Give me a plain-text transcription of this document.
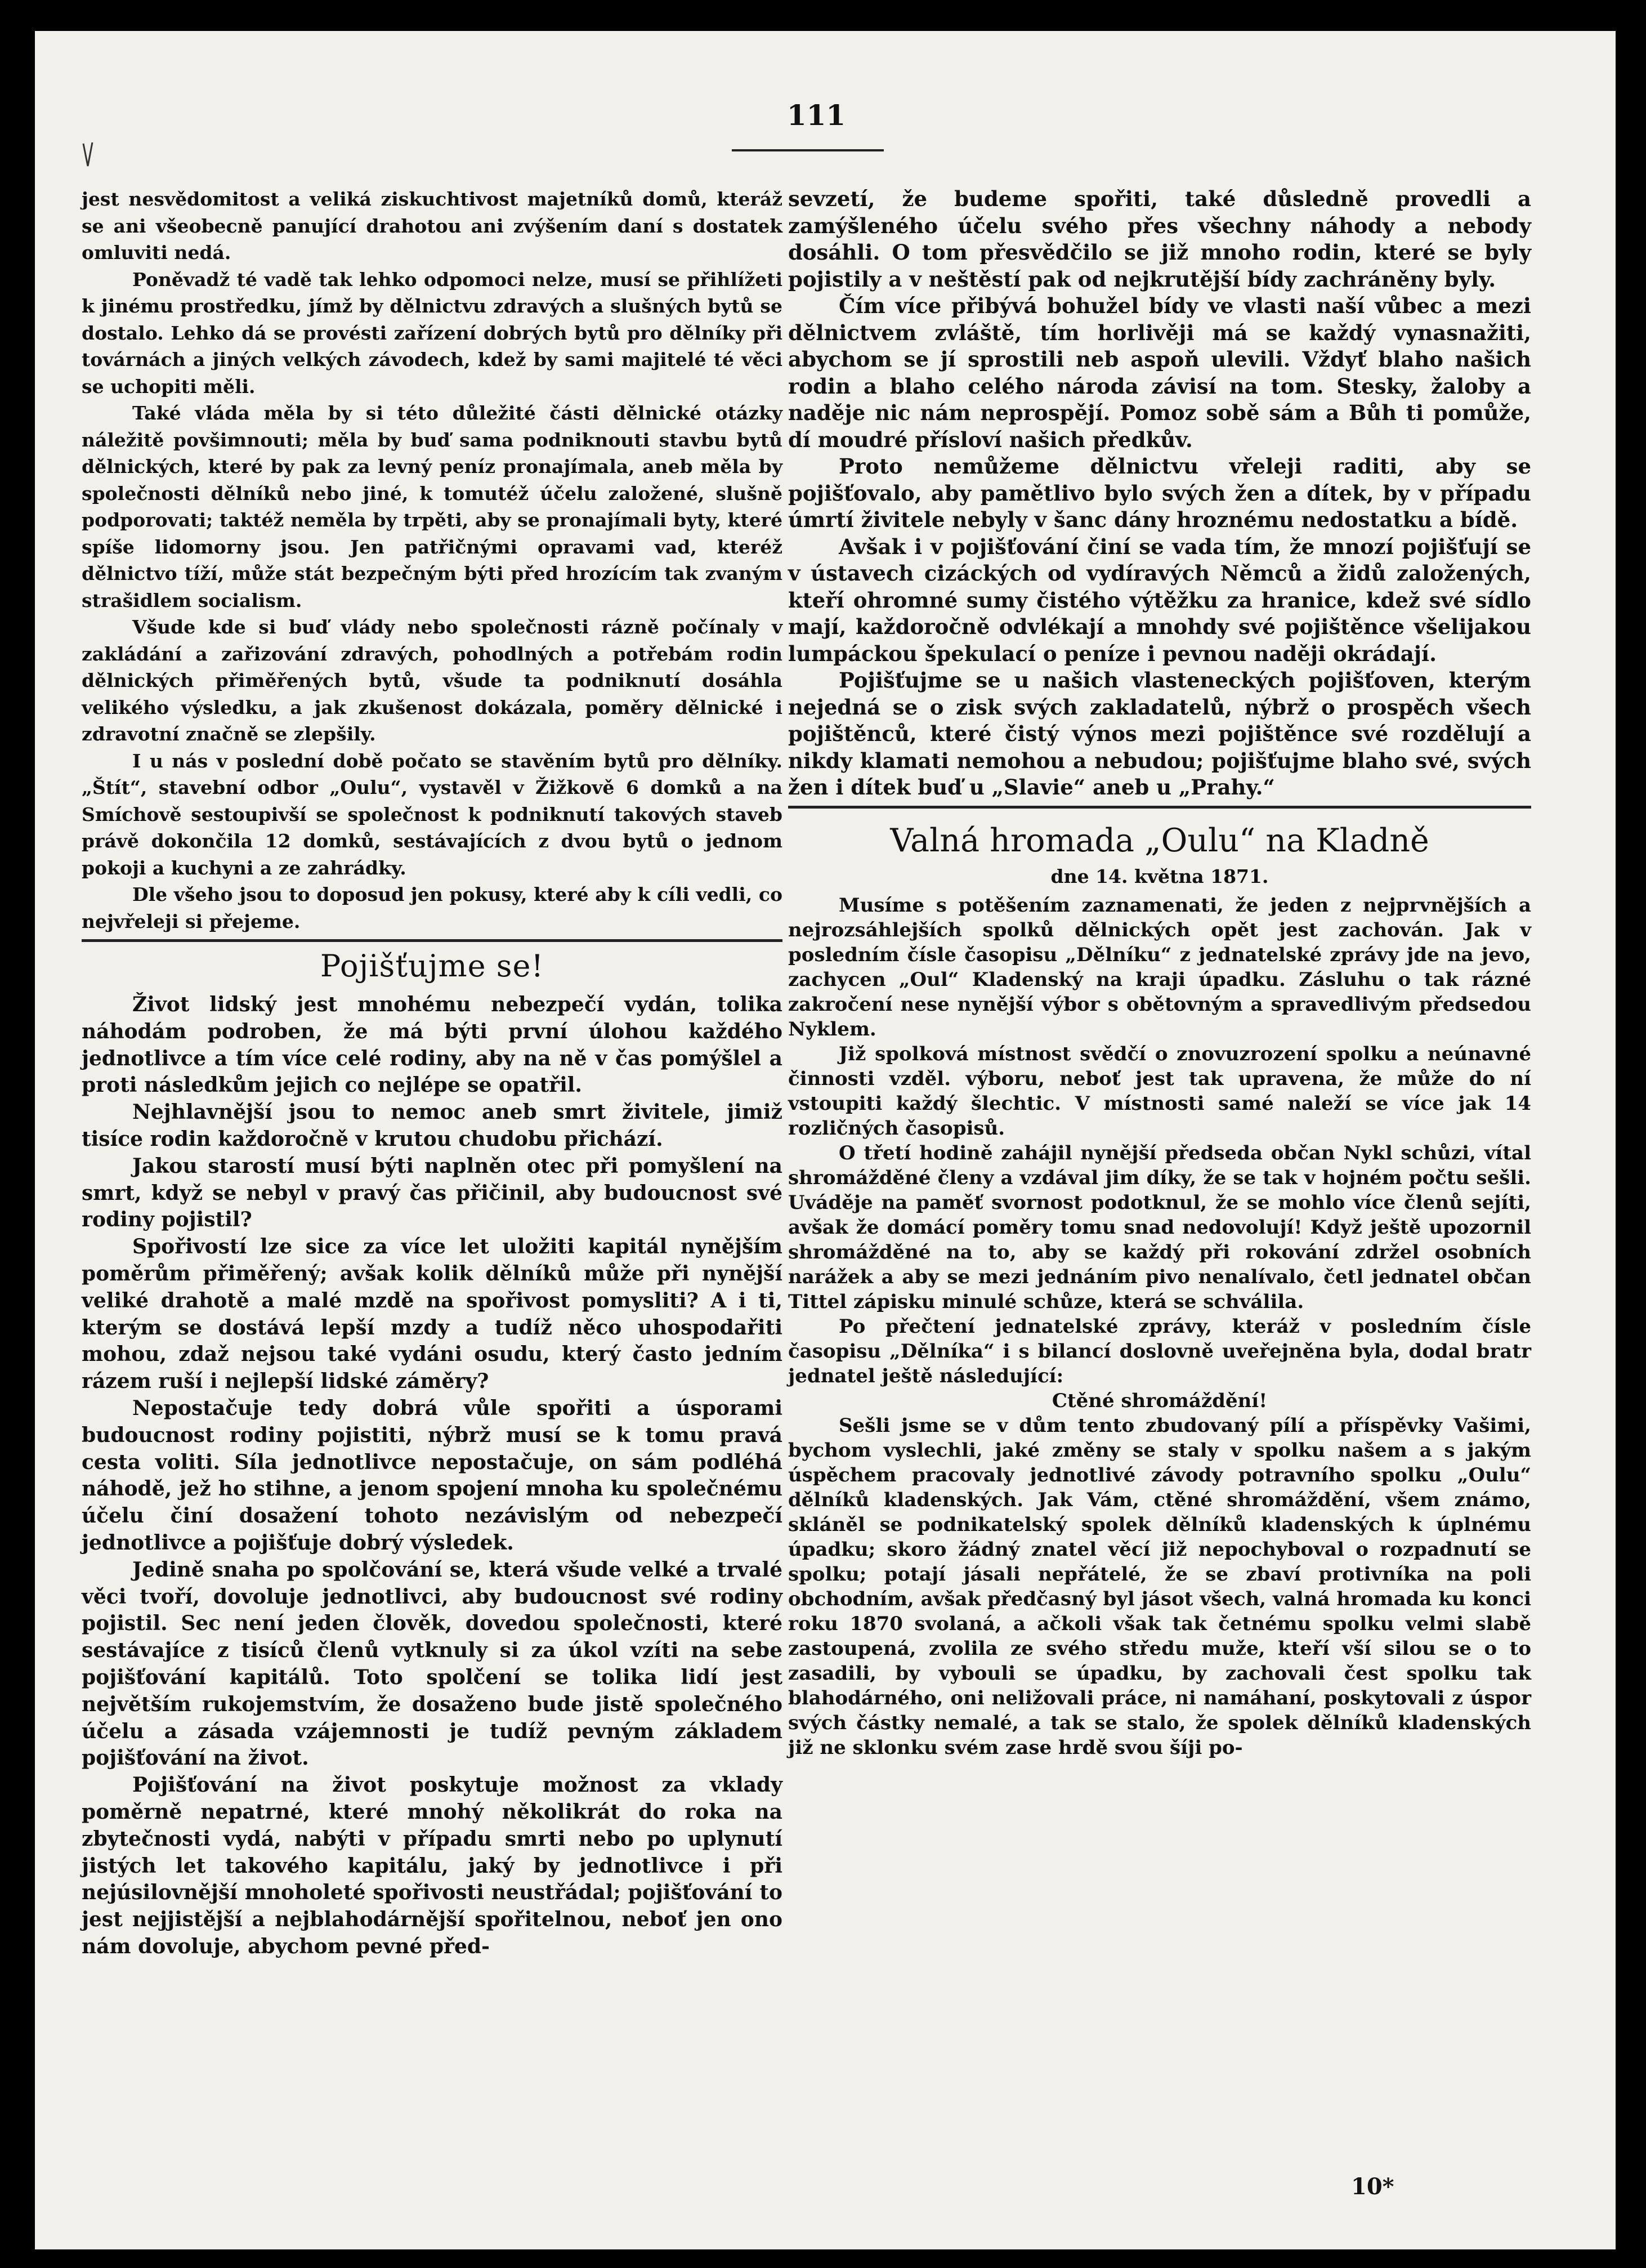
111

jest nesvědomitost a veliká ziskuchtivost majetníků domů, kteráž se ani všeobecně panující drahotou ani zvýšením daní s dostatek omluviti nedá.

Poněvadž té vadě tak lehko odpomoci nelze, musí se přihlížeti k jinému prostředku, jímž by dělnictvu zdravých a slušných bytů se dostalo. Lehko dá se provésti zařízení dobrých bytů pro dělníky při továrnách a jiných velkých závodech, kdež by sami majitelé té věci se uchopiti měli.

Také vláda měla by si této důležité části dělnické otázky náležitě povšimnouti; měla by buď sama podniknouti stavbu bytů dělnických, které by pak za levný peníz pronajímala, aneb měla by společnosti dělníků nebo jiné, k tomutéž účelu založené, slušně podporovati; taktéž neměla by trpěti, aby se pronajímali byty, které spíše lidomorny jsou. Jen patřičnými opravami vad, kteréž dělnictvo tíží, může stát bezpečným býti před hrozícím tak zvaným strašidlem socialism.

Všude kde si buď vlády nebo společnosti rázně počínaly v zakládání a zařizování zdravých, pohodlných a potřebám rodin dělnických přiměřených bytů, všude ta podniknutí dosáhla velikého výsledku, a jak zkušenost dokázala, poměry dělnické i zdravotní značně se zlepšily.

I u nás v poslední době počato se stavěním bytů pro dělníky. „Štít“, stavební odbor „Oulu“, vystavěl v Žižkově 6 domků a na Smíchově sestoupivší se společnost k podniknutí takových staveb právě dokončila 12 domků, sestávajících z dvou bytů o jednom pokoji a kuchyni a ze zahrádky.

Dle všeho jsou to doposud jen pokusy, které aby k cíli vedli, co nejvřeleji si přejeme.

Pojišťujme se!

Život lidský jest mnohému nebezpečí vydán, tolika náhodám podroben, že má býti první úlohou každého jednotlivce a tím více celé rodiny, aby na ně v čas pomýšlel a proti následkům jejich co nejlépe se opatřil.

Nejhlavnější jsou to nemoc aneb smrt živitele, jimiž tisíce rodin každoročně v krutou chudobu přichází.

Jakou starostí musí býti naplněn otec při pomyšlení na smrt, když se nebyl v pravý čas přičinil, aby budoucnost své rodiny pojistil?

Spořivostí lze sice za více let uložiti kapitál nynějším poměrům přiměřený; avšak kolik dělníků může při nynější veliké drahotě a malé mzdě na spořivost pomysliti? A i ti, kterým se dostává lepší mzdy a tudíž něco uhospodařiti mohou, zdaž nejsou také vydáni osudu, který často jedním rázem ruší i nejlepší lidské záměry?

Nepostačuje tedy dobrá vůle spořiti a úsporami budoucnost rodiny pojistiti, nýbrž musí se k tomu pravá cesta voliti. Síla jednotlivce nepostačuje, on sám podléhá náhodě, jež ho stihne, a jenom spojení mnoha ku společnému účelu činí dosažení tohoto nezávislým od nebezpečí jednotlivce a pojišťuje dobrý výsledek.

Jedině snaha po spolčování se, která všude velké a trvalé věci tvoří, dovoluje jednotlivci, aby budoucnost své rodiny pojistil. Sec není jeden člověk, dovedou společnosti, které sestávajíce z tisíců členů vytknuly si za úkol vzíti na sebe pojišťování kapitálů. Toto spolčení se tolika lidí jest největším rukojemstvím, že dosaženo bude jistě společného účelu a zásada vzájemnosti je tudíž pevným základem pojišťování na život.

Pojišťování na život poskytuje možnost za vklady poměrně nepatrné, které mnohý několikrát do roka na zbytečnosti vydá, nabýti v případu smrti nebo po uplynutí jistých let takového kapitálu, jaký by jednotlivce i při nejúsilovnější mnoholeté spořivosti neustřádal; pojišťování to jest nejjistější a nejblahodárnější spořitelnou, neboť jen ono nám dovoluje, abychom pevné před-

sevzetí, že budeme spořiti, také důsledně provedli a zamýšleného účelu svého přes všechny náhody a nebody dosáhli. O tom přesvědčilo se již mnoho rodin, které se byly pojistily a v neštěstí pak od nejkrutější bídy zachráněny byly.

Čím více přibývá bohužel bídy ve vlasti naší vůbec a mezi dělnictvem zvláště, tím horlivěji má se každý vynasnažiti, abychom se jí sprostili neb aspoň ulevili. Vždyť blaho našich rodin a blaho celého národa závisí na tom. Stesky, žaloby a naděje nic nám neprospějí. Pomoz sobě sám a Bůh ti pomůže, dí moudré přísloví našich předkův.

Proto nemůžeme dělnictvu vřeleji raditi, aby se pojišťovalo, aby pamětlivo bylo svých žen a dítek, by v případu úmrtí živitele nebyly v šanc dány hroznému nedostatku a bídě.

Avšak i v pojišťování činí se vada tím, že mnozí pojišťují se v ústavech cizáckých od vydíravých Němců a židů založených, kteří ohromné sumy čistého výtěžku za hranice, kdež své sídlo mají, každoročně odvlékají a mnohdy své pojištěnce všelijakou lumpáckou špekulací o peníze i pevnou naději okrádají.

Pojišťujme se u našich vlasteneckých pojišťoven, kterým nejedná se o zisk svých zakladatelů, nýbrž o prospěch všech pojištěnců, které čistý výnos mezi pojištěnce své rozdělují a nikdy klamati nemohou a nebudou; pojišťujme blaho své, svých žen i dítek buď u „Slavie“ aneb u „Prahy.“

Valná hromada „Oulu“ na Kladně
dne 14. května 1871.

Musíme s potěšením zaznamenati, že jeden z nejprvnějších a nejrozsáhlejších spolků dělnických opět jest zachován. Jak v posledním čísle časopisu „Dělníku“ z jednatelské zprávy jde na jevo, zachycen „Oul“ Kladenský na kraji úpadku. Zásluhu o tak rázné zakročení nese nynější výbor s obětovným a spravedlivým předsedou Nyklem.

Již spolková místnost svědčí o znovuzrození spolku a neúnavné činnosti vzděl. výboru, neboť jest tak upravena, že může do ní vstoupiti každý šlechtic. V místnosti samé naleží se více jak 14 rozličných časopisů.

O třetí hodině zahájil nynější předseda občan Nykl schůzi, vítal shromážděné členy a vzdával jim díky, že se tak v hojném počtu sešli. Uváděje na paměť svornost podotknul, že se mohlo více členů sejíti, avšak že domácí poměry tomu snad nedovolují! Když ještě upozornil shromážděné na to, aby se každý při rokování zdržel osobních narážek a aby se mezi jednáním pivo nenalívalo, četl jednatel občan Tittel zápisku minulé schůze, která se schválila.

Po přečtení jednatelské zprávy, kteráž v posledním čísle časopisu „Dělníka“ i s bilancí doslovně uveřejněna byla, dodal bratr jednatel ještě následující:

Ctěné shromáždění!

Sešli jsme se v dům tento zbudovaný pílí a příspěvky Vašimi, bychom vyslechli, jaké změny se staly v spolku našem a s jakým úspěchem pracovaly jednotlivé závody potravního spolku „Oulu“ dělníků kladenských. Jak Vám, ctěné shromáždění, všem známo, skláněl se podnikatelský spolek dělníků kladenských k úplnému úpadku; skoro žádný znatel věcí již nepochyboval o rozpadnutí se spolku; potají jásali nepřátelé, že se zbaví protivníka na poli obchodním, avšak předčasný byl jásot všech, valná hromada ku konci roku 1870 svolaná, a ačkoli však tak četnému spolku velmi slabě zastoupená, zvolila ze svého středu muže, kteří vší silou se o to zasadili, by vybouli se úpadku, by zachovali čest spolku tak blahodárného, oni neližovali práce, ni namáhaní, poskytovali z úspor svých částky nemalé, a tak se stalo, že spolek dělníků kladenských již ne sklonku svém zase hrdě svou šíji po-

10*
